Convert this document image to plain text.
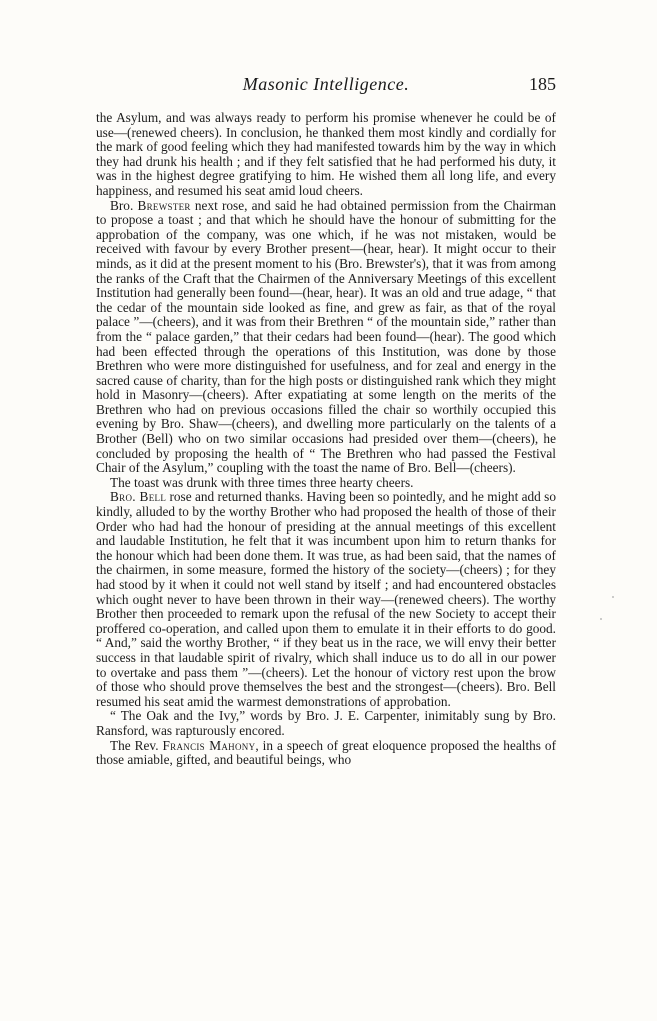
Masonic Intelligence.	185

the Asylum, and was always ready to perform his promise whenever he could be of use—(renewed cheers). In conclusion, he thanked them most kindly and cordially for the mark of good feeling which they had manifested towards him by the way in which they had drunk his health ; and if they felt satisfied that he had performed his duty, it was in the highest degree gratifying to him. He wished them all long life, and every happiness, and resumed his seat amid loud cheers.

Bro. Brewster next rose, and said he had obtained permission from the Chairman to propose a toast ; and that which he should have the honour of submitting for the approbation of the company, was one which, if he was not mistaken, would be received with favour by every Brother present—(hear, hear). It might occur to their minds, as it did at the present moment to his (Bro. Brewster's), that it was from among the ranks of the Craft that the Chairmen of the Anniversary Meetings of this excellent Institution had generally been found—(hear, hear). It was an old and true adage, “ that the cedar of the mountain side looked as fine, and grew as fair, as that of the royal palace ”—(cheers), and it was from their Brethren “ of the mountain side,” rather than from the “ palace garden,” that their cedars had been found—(hear). The good which had been effected through the operations of this Institution, was done by those Brethren who were more distinguished for usefulness, and for zeal and energy in the sacred cause of charity, than for the high posts or distinguished rank which they might hold in Masonry—(cheers). After expatiating at some length on the merits of the Brethren who had on previous occasions filled the chair so worthily occupied this evening by Bro. Shaw—(cheers), and dwelling more particularly on the talents of a Brother (Bell) who on two similar occasions had presided over them—(cheers), he concluded by proposing the health of “ The Brethren who had passed the Festival Chair of the Asylum,” coupling with the toast the name of Bro. Bell—(cheers).

The toast was drunk with three times three hearty cheers.

Bro. Bell rose and returned thanks. Having been so pointedly, and he might add so kindly, alluded to by the worthy Brother who had proposed the health of those of their Order who had had the honour of presiding at the annual meetings of this excellent and laudable Institution, he felt that it was incumbent upon him to return thanks for the honour which had been done them. It was true, as had been said, that the names of the chairmen, in some measure, formed the history of the society—(cheers) ; for they had stood by it when it could not well stand by itself ; and had encountered obstacles which ought never to have been thrown in their way—(renewed cheers). The worthy Brother then proceeded to remark upon the refusal of the new Society to accept their proffered co-operation, and called upon them to emulate it in their efforts to do good. “ And,” said the worthy Brother, “ if they beat us in the race, we will envy their better success in that laudable spirit of rivalry, which shall induce us to do all in our power to overtake and pass them ”—(cheers). Let the honour of victory rest upon the brow of those who should prove themselves the best and the strongest—(cheers). Bro. Bell resumed his seat amid the warmest demonstrations of approbation.

“ The Oak and the Ivy,” words by Bro. J. E. Carpenter, inimitably sung by Bro. Ransford, was rapturously encored.

The Rev. Francis Mahony, in a speech of great eloquence proposed the healths of those amiable, gifted, and beautiful beings, who
